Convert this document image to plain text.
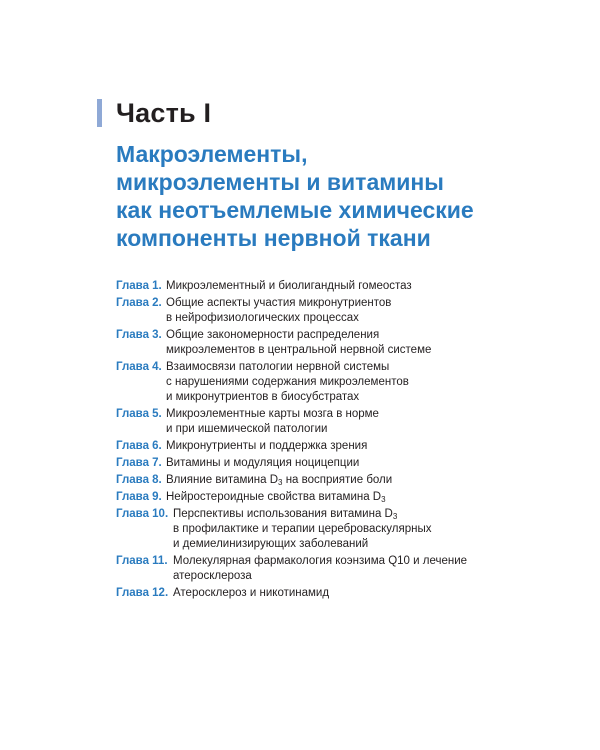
Часть I
Макроэлементы,
микроэлементы и витамины
как неотъемлемые химические
компоненты нервной ткани
Глава 1. Микроэлементный и биолигандный гомеостаз
Глава 2. Общие аспекты участия микронутриентов
в нейрофизиологических процессах
Глава 3. Общие закономерности распределения
микроэлементов в центральной нервной системе
Глава 4. Взаимосвязи патологии нервной системы
с нарушениями содержания микроэлементов
и микронутриентов в биосубстратах
Глава 5. Микроэлементные карты мозга в норме
и при ишемической патологии
Глава 6. Микронутриенты и поддержка зрения
Глава 7. Витамины и модуляция ноцицепции
Глава 8. Влияние витамина $D_3$ на восприятие боли
Глава 9. Нейростероидные свойства витамина $D_3$
Глава 10. Перспективы использования витамина $D_3$
в профилактике и терапии цереброваскулярных
и демиелинизирующих заболеваний
Глава 11. Молекулярная фармакология коэнзима Q10 и лечение
атеросклероза
Глава 12. Атеросклероз и никотинамид
